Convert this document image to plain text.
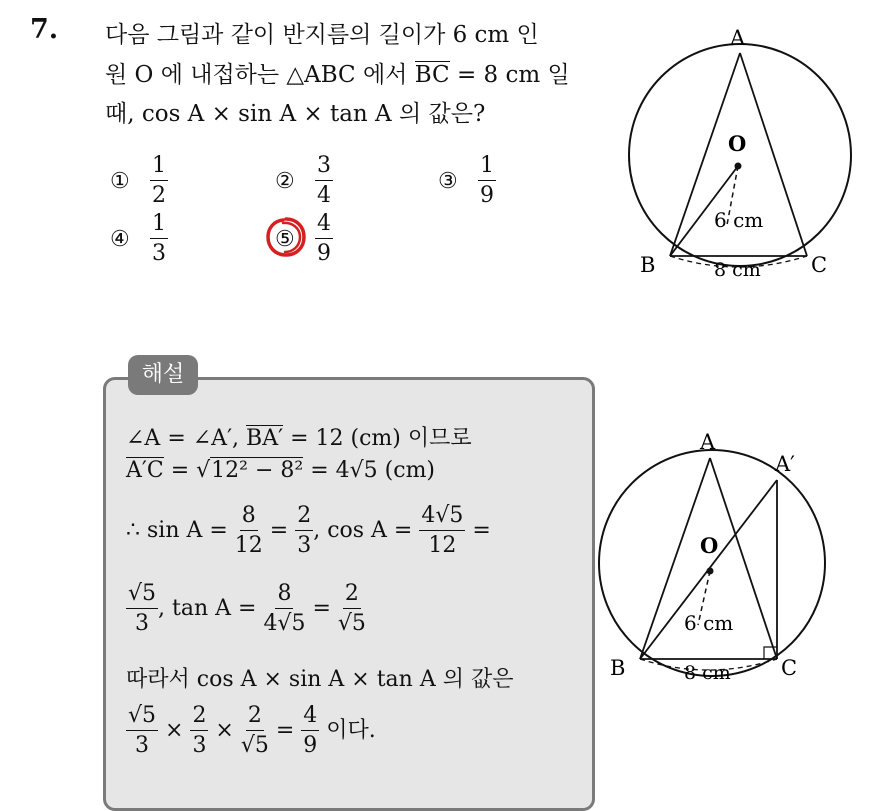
7. 다음 그림과 같이 반지름의 길이가 6 cm 인
원 O 에 내접하는 △ABC 에서 BC = 8 cm 일
때, cos A × sin A × tan A 의 값은?
① $\frac{1}{2}$	② $\frac{3}{4}$	③ $\frac{1}{9}$
④ $\frac{1}{3}$	⑤ $\frac{4}{9}$
A
O
B	C
6 cm
8 cm
해설
∠A = ∠A′, BA′ = 12 (cm) 이므로
A′C = √12² − 8² = 4√5 (cm)
∴ $\sin A = \frac{8}{12} = \frac{2}{3}$ , $\cos A = \frac{4√5}{12}$ =
$\frac{√5}{3}$ , $\tan A = \frac{8}{4√5} = \frac{2}{√5}$
따라서 cos A × sin A × tan A 의 값은
$\frac{√5}{3} \times \frac{2}{3} \times \frac{2}{√5} = \frac{4}{9}$ 이다.
A
A′
O
B	C
6 cm
8 cm
